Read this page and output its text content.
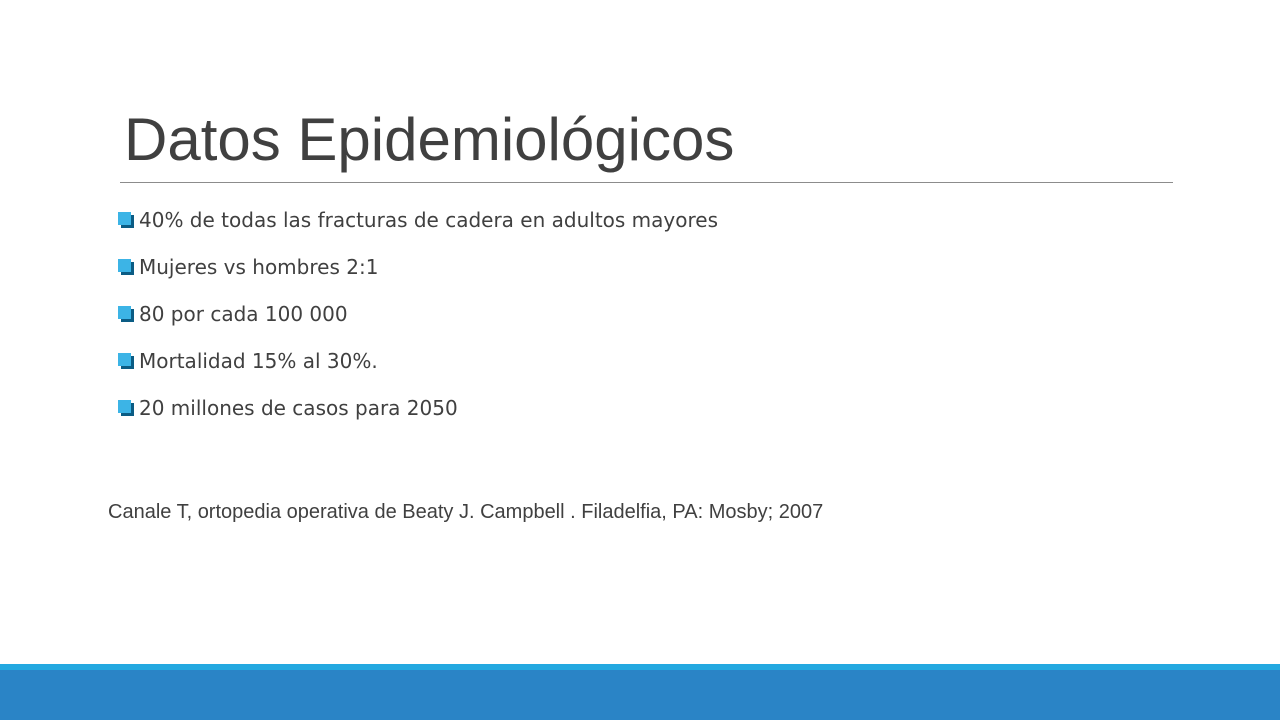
Datos Epidemiológicos
40% de todas las fracturas de cadera en adultos mayores
Mujeres vs hombres 2:1
80 por cada 100 000
Mortalidad 15% al 30%.
20 millones de casos para 2050

Canale T, ortopedia operativa de Beaty J. Campbell . Filadelfia, PA: Mosby; 2007
